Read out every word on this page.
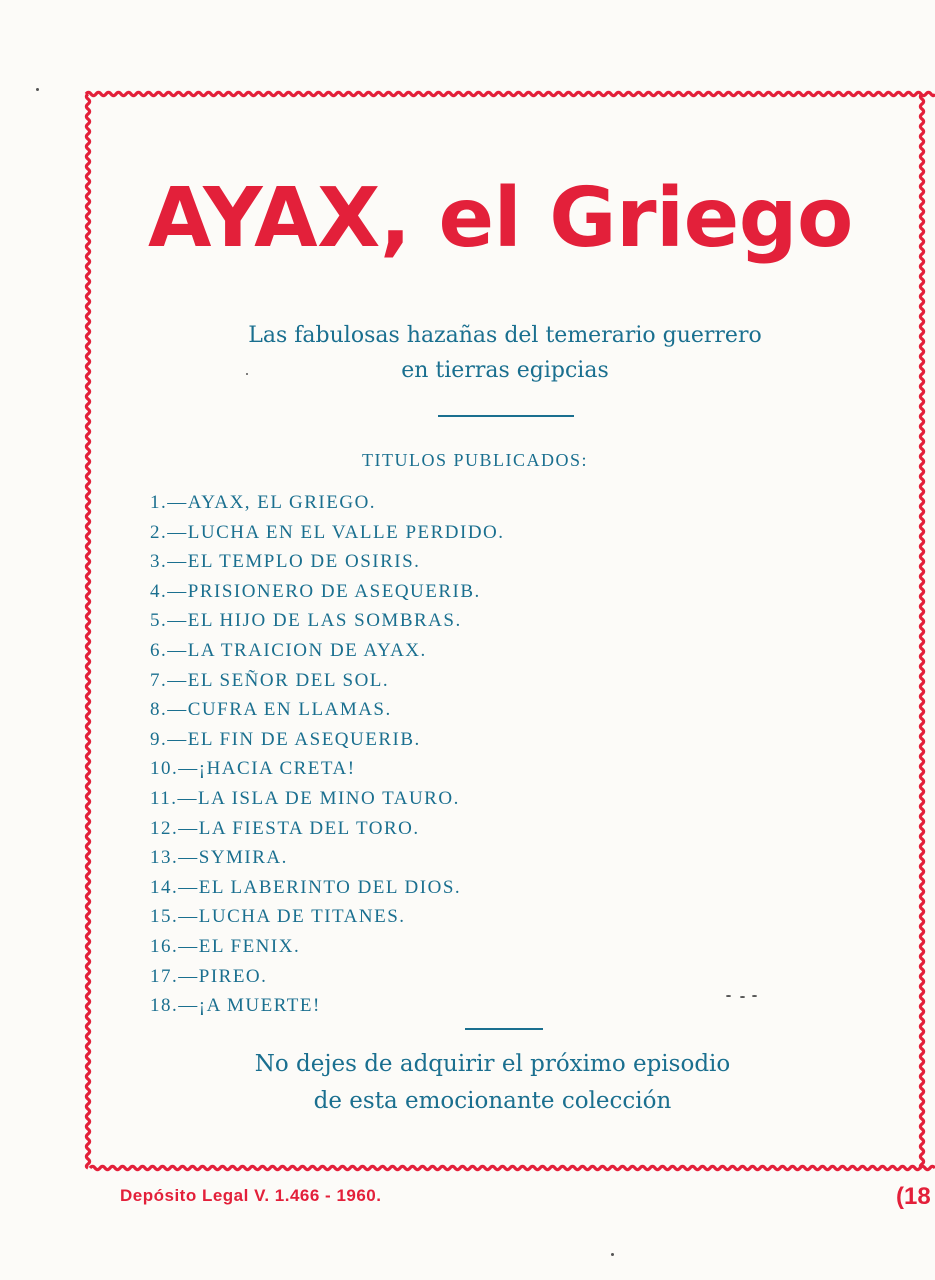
AYAX, el Griego
Las fabulosas hazañas del temerario guerrero
en tierras egipcias
TITULOS PUBLICADOS:
1.—AYAX, EL GRIEGO.
2.—LUCHA EN EL VALLE PERDIDO.
3.—EL TEMPLO DE OSIRIS.
4.—PRISIONERO DE ASEQUERIB.
5.—EL HIJO DE LAS SOMBRAS.
6.—LA TRAICION DE AYAX.
7.—EL SEÑOR DEL SOL.
8.—CUFRA EN LLAMAS.
9.—EL FIN DE ASEQUERIB.
10.—¡HACIA CRETA!
11.—LA ISLA DE MINO TAURO.
12.—LA FIESTA DEL TORO.
13.—SYMIRA.
14.—EL LABERINTO DEL DIOS.
15.—LUCHA DE TITANES.
16.—EL FENIX.
17.—PIREO.
18.—¡A MUERTE!
No dejes de adquirir el próximo episodio
de esta emocionante colección
Depósito Legal V. 1.466 - 1960.	(18
